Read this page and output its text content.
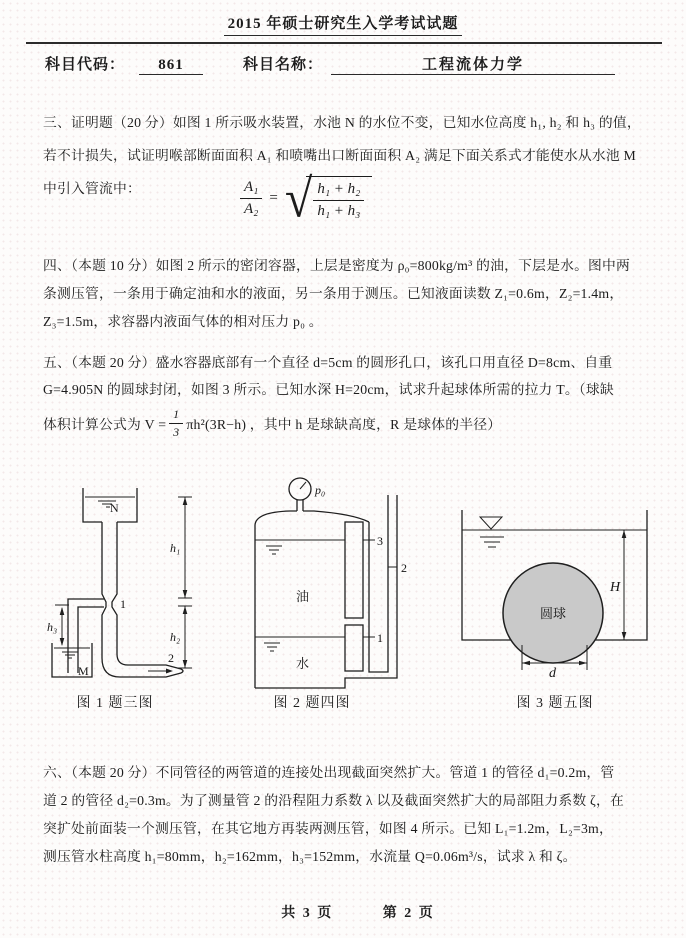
2015 年硕士研究生入学考试试题
科目代码： 861	科目名称：	工程流体力学
三、证明题（20 分）如图 1 所示吸水装置，水池 N 的水位不变，已知水位高度 h₁, h₂ 和 h₃ 的值，
若不计损失，试证明喉部断面面积 A₁ 和喷嘴出口断面面积 A₂ 满足下面关系式才能使水从水池 M
中引入管流中：	$\frac{\text{A₁}}{\text{A₂}}$ = √ $\frac{\text{h₁ + h₂}}{\text{h₁ + h₃}}$
四、（本题 10 分）如图 2 所示的密闭容器，上层是密度为 ρ₀=800kg/m³ 的油，下层是水。图中两
条测压管，一条用于确定油和水的液面，另一条用于测压。已知液面读数 Z₁=0.6m，Z₂=1.4m，
Z₃=1.5m，求容器内液面气体的相对压力 p₀ 。
五、（本题 20 分）盛水容器底部有一个直径 d=5cm 的圆形孔口，该孔口用直径 D=8cm、自重
G=4.905N 的圆球封闭，如图 3 所示。已知水深 H=20cm，试求升起球体所需的拉力 T。（球缺
体积计算公式为 $V = \frac{1}{3} \pi h^2(3R-h)$ ，其中 h 是球缺高度，R 是球体的半径）
N
1
2
M
h₃
h₁
h₂
图 1 题三图
p₀
油
水
3
1
2
图 2 题四图
圆球
H
d
图 3 题五图
六、（本题 20 分）不同管径的两管道的连接处出现截面突然扩大。管道 1 的管径 d₁=0.2m，管
道 2 的管径 d₂=0.3m。为了测量管 2 的沿程阻力系数 λ 以及截面突然扩大的局部阻力系数 ζ，在
突扩处前面装一个测压管，在其它地方再装两测压管，如图 4 所示。已知 L₁=1.2m，L₂=3m，
测压管水柱高度 h₁=80mm，h₂=162mm，h₃=152mm，水流量 Q=0.06m³/s，试求 λ 和 ζ。
共 3 页	第 2 页
